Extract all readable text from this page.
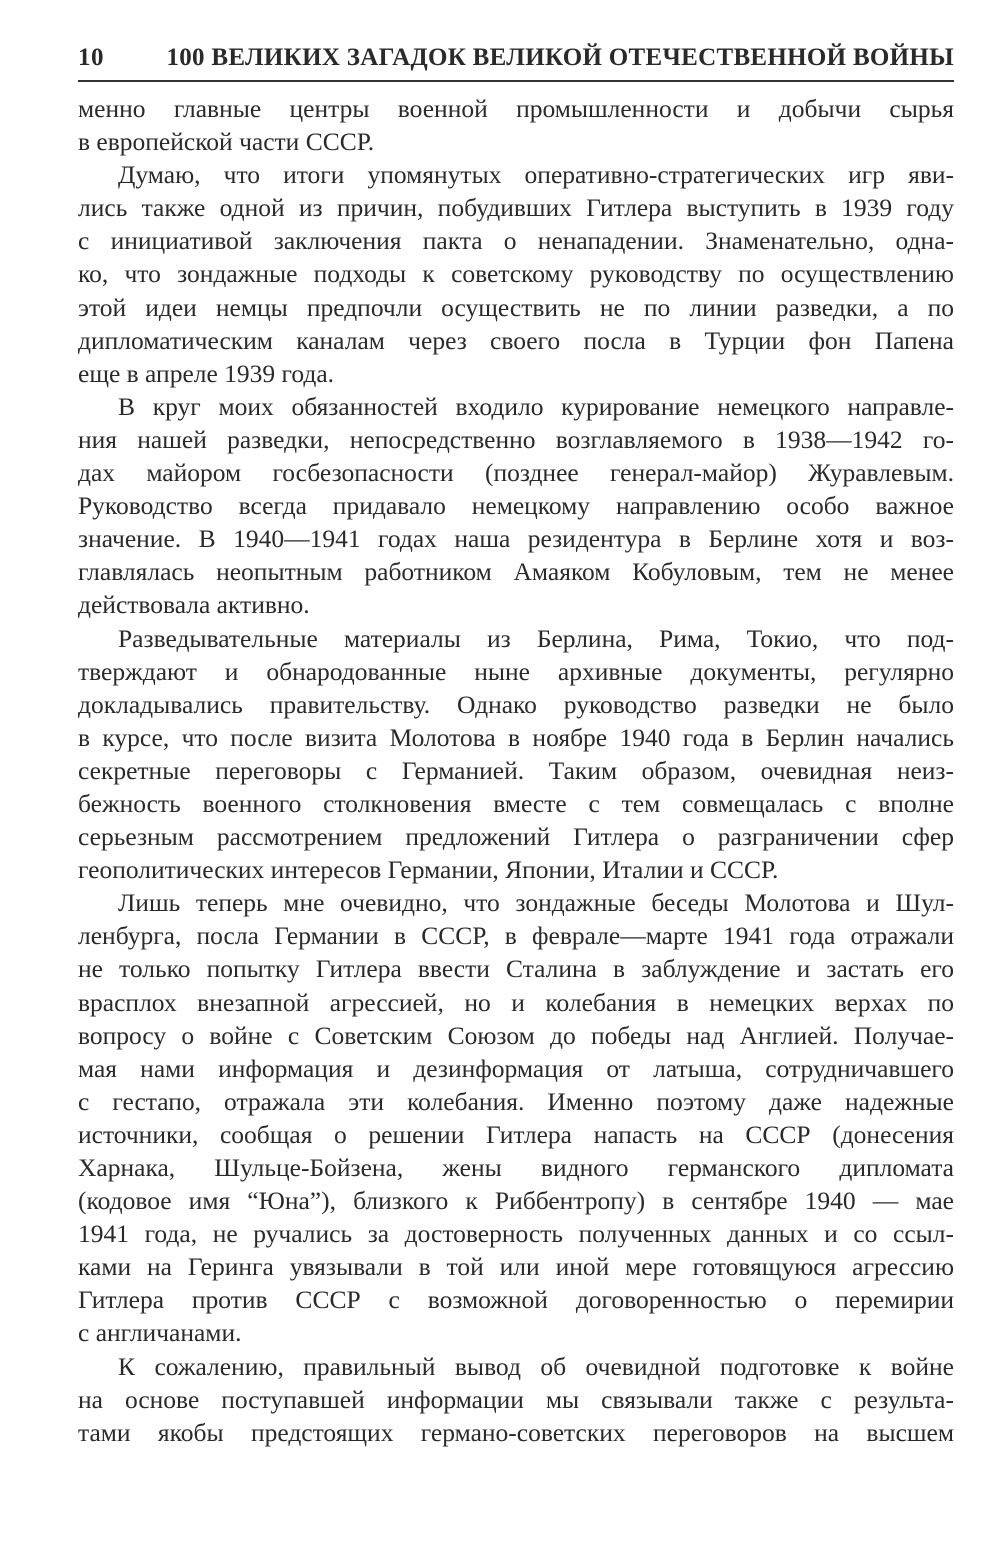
10 100 ВЕЛИКИХ ЗАГАДОК ВЕЛИКОЙ ОТЕЧЕСТВЕННОЙ ВОЙНЫ
менно главные центры военной промышленности и добычи сырья
в европейской части СССР.
Думаю, что итоги упомянутых оперативно-стратегических игр яви-
лись также одной из причин, побудивших Гитлера выступить в 1939 году
с инициативой заключения пакта о ненападении. Знаменательно, одна-
ко, что зондажные подходы к советскому руководству по осуществлению
этой идеи немцы предпочли осуществить не по линии разведки, а по
дипломатическим каналам через своего посла в Турции фон Папена
еще в апреле 1939 года.
В круг моих обязанностей входило курирование немецкого направле-
ния нашей разведки, непосредственно возглавляемого в 1938—1942 го-
дах майором госбезопасности (позднее генерал-майор) Журавлевым.
Руководство всегда придавало немецкому направлению особо важное
значение. В 1940—1941 годах наша резидентура в Берлине хотя и воз-
главлялась неопытным работником Амаяком Кобуловым, тем не менее
действовала активно.
Разведывательные материалы из Берлина, Рима, Токио, что под-
тверждают и обнародованные ныне архивные документы, регулярно
докладывались правительству. Однако руководство разведки не было
в курсе, что после визита Молотова в ноябре 1940 года в Берлин начались
секретные переговоры с Германией. Таким образом, очевидная неиз-
бежность военного столкновения вместе с тем совмещалась с вполне
серьезным рассмотрением предложений Гитлера о разграничении сфер
геополитических интересов Германии, Японии, Италии и СССР.
Лишь теперь мне очевидно, что зондажные беседы Молотова и Шул-
ленбурга, посла Германии в СССР, в феврале—марте 1941 года отражали
не только попытку Гитлера ввести Сталина в заблуждение и застать его
врасплох внезапной агрессией, но и колебания в немецких верхах по
вопросу о войне с Советским Союзом до победы над Англией. Получае-
мая нами информация и дезинформация от латыша, сотрудничавшего
с гестапо, отражала эти колебания. Именно поэтому даже надежные
источники, сообщая о решении Гитлера напасть на СССР (донесения
Харнака, Шульце-Бойзена, жены видного германского дипломата
(кодовое имя “Юна”), близкого к Риббентропу) в сентябре 1940 — мае
1941 года, не ручались за достоверность полученных данных и со ссыл-
ками на Геринга увязывали в той или иной мере готовящуюся агрессию
Гитлера против СССР с возможной договоренностью о перемирии
с англичанами.
К сожалению, правильный вывод об очевидной подготовке к войне
на основе поступавшей информации мы связывали также с результа-
тами якобы предстоящих германо-советских переговоров на высшем
